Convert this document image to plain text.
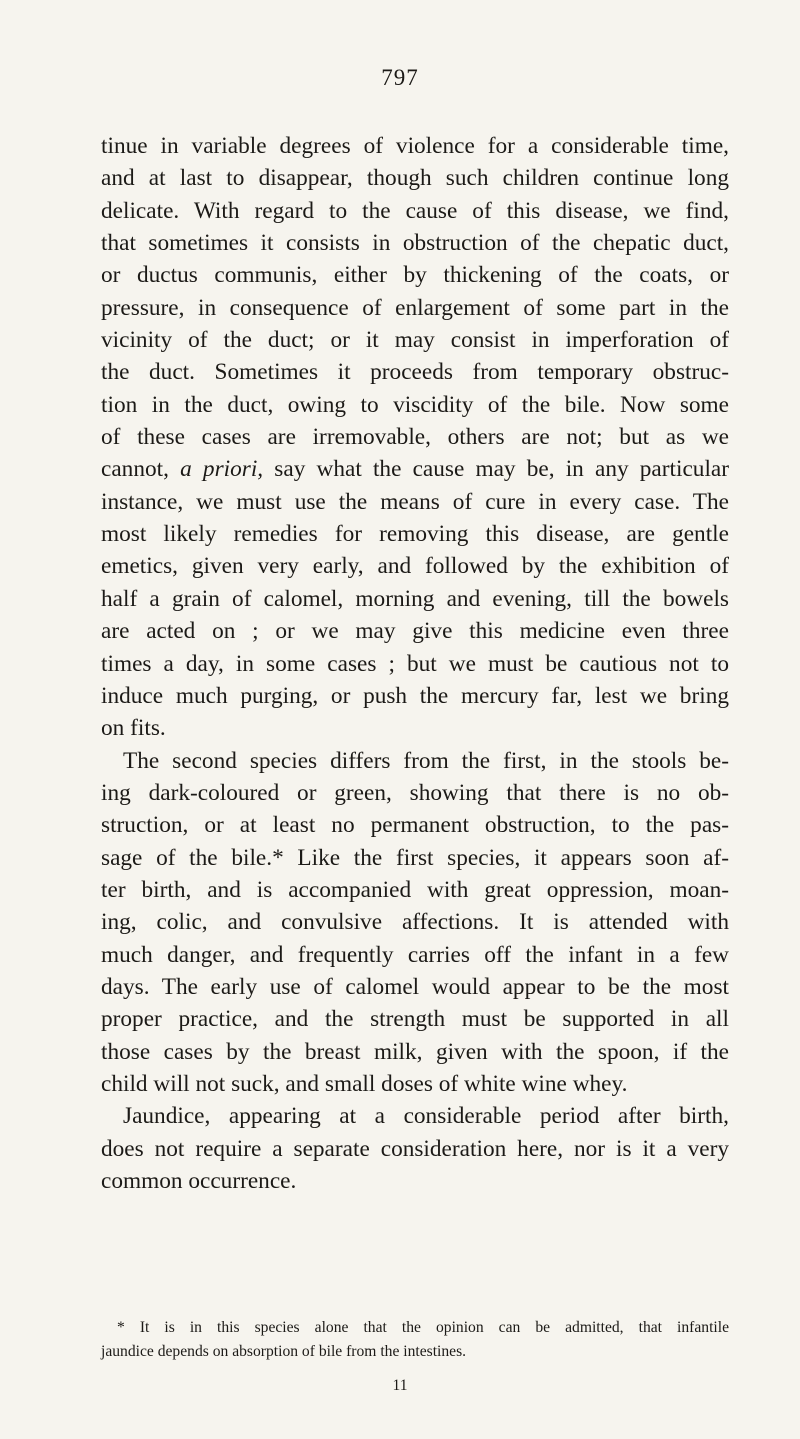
797
tinue in variable degrees of violence for a considerable time,
and at last to disappear, though such children continue long
delicate. With regard to the cause of this disease, we find,
that sometimes it consists in obstruction of the chepatic duct,
or ductus communis, either by thickening of the coats, or
pressure, in consequence of enlargement of some part in the
vicinity of the duct; or it may consist in imperforation of
the duct. Sometimes it proceeds from temporary obstruc-
tion in the duct, owing to viscidity of the bile. Now some
of these cases are irremovable, others are not; but as we
cannot, a priori, say what the cause may be, in any particular
instance, we must use the means of cure in every case. The
most likely remedies for removing this disease, are gentle
emetics, given very early, and followed by the exhibition of
half a grain of calomel, morning and evening, till the bowels
are acted on ; or we may give this medicine even three
times a day, in some cases ; but we must be cautious not to
induce much purging, or push the mercury far, lest we bring
on fits.
The second species differs from the first, in the stools be-
ing dark-coloured or green, showing that there is no ob-
struction, or at least no permanent obstruction, to the pas-
sage of the bile.* Like the first species, it appears soon af-
ter birth, and is accompanied with great oppression, moan-
ing, colic, and convulsive affections. It is attended with
much danger, and frequently carries off the infant in a few
days. The early use of calomel would appear to be the most
proper practice, and the strength must be supported in all
those cases by the breast milk, given with the spoon, if the
child will not suck, and small doses of white wine whey.
Jaundice, appearing at a considerable period after birth,
does not require a separate consideration here, nor is it a very
common occurrence.
* It is in this species alone that the opinion can be admitted, that infantile
jaundice depends on absorption of bile from the intestines.
11
